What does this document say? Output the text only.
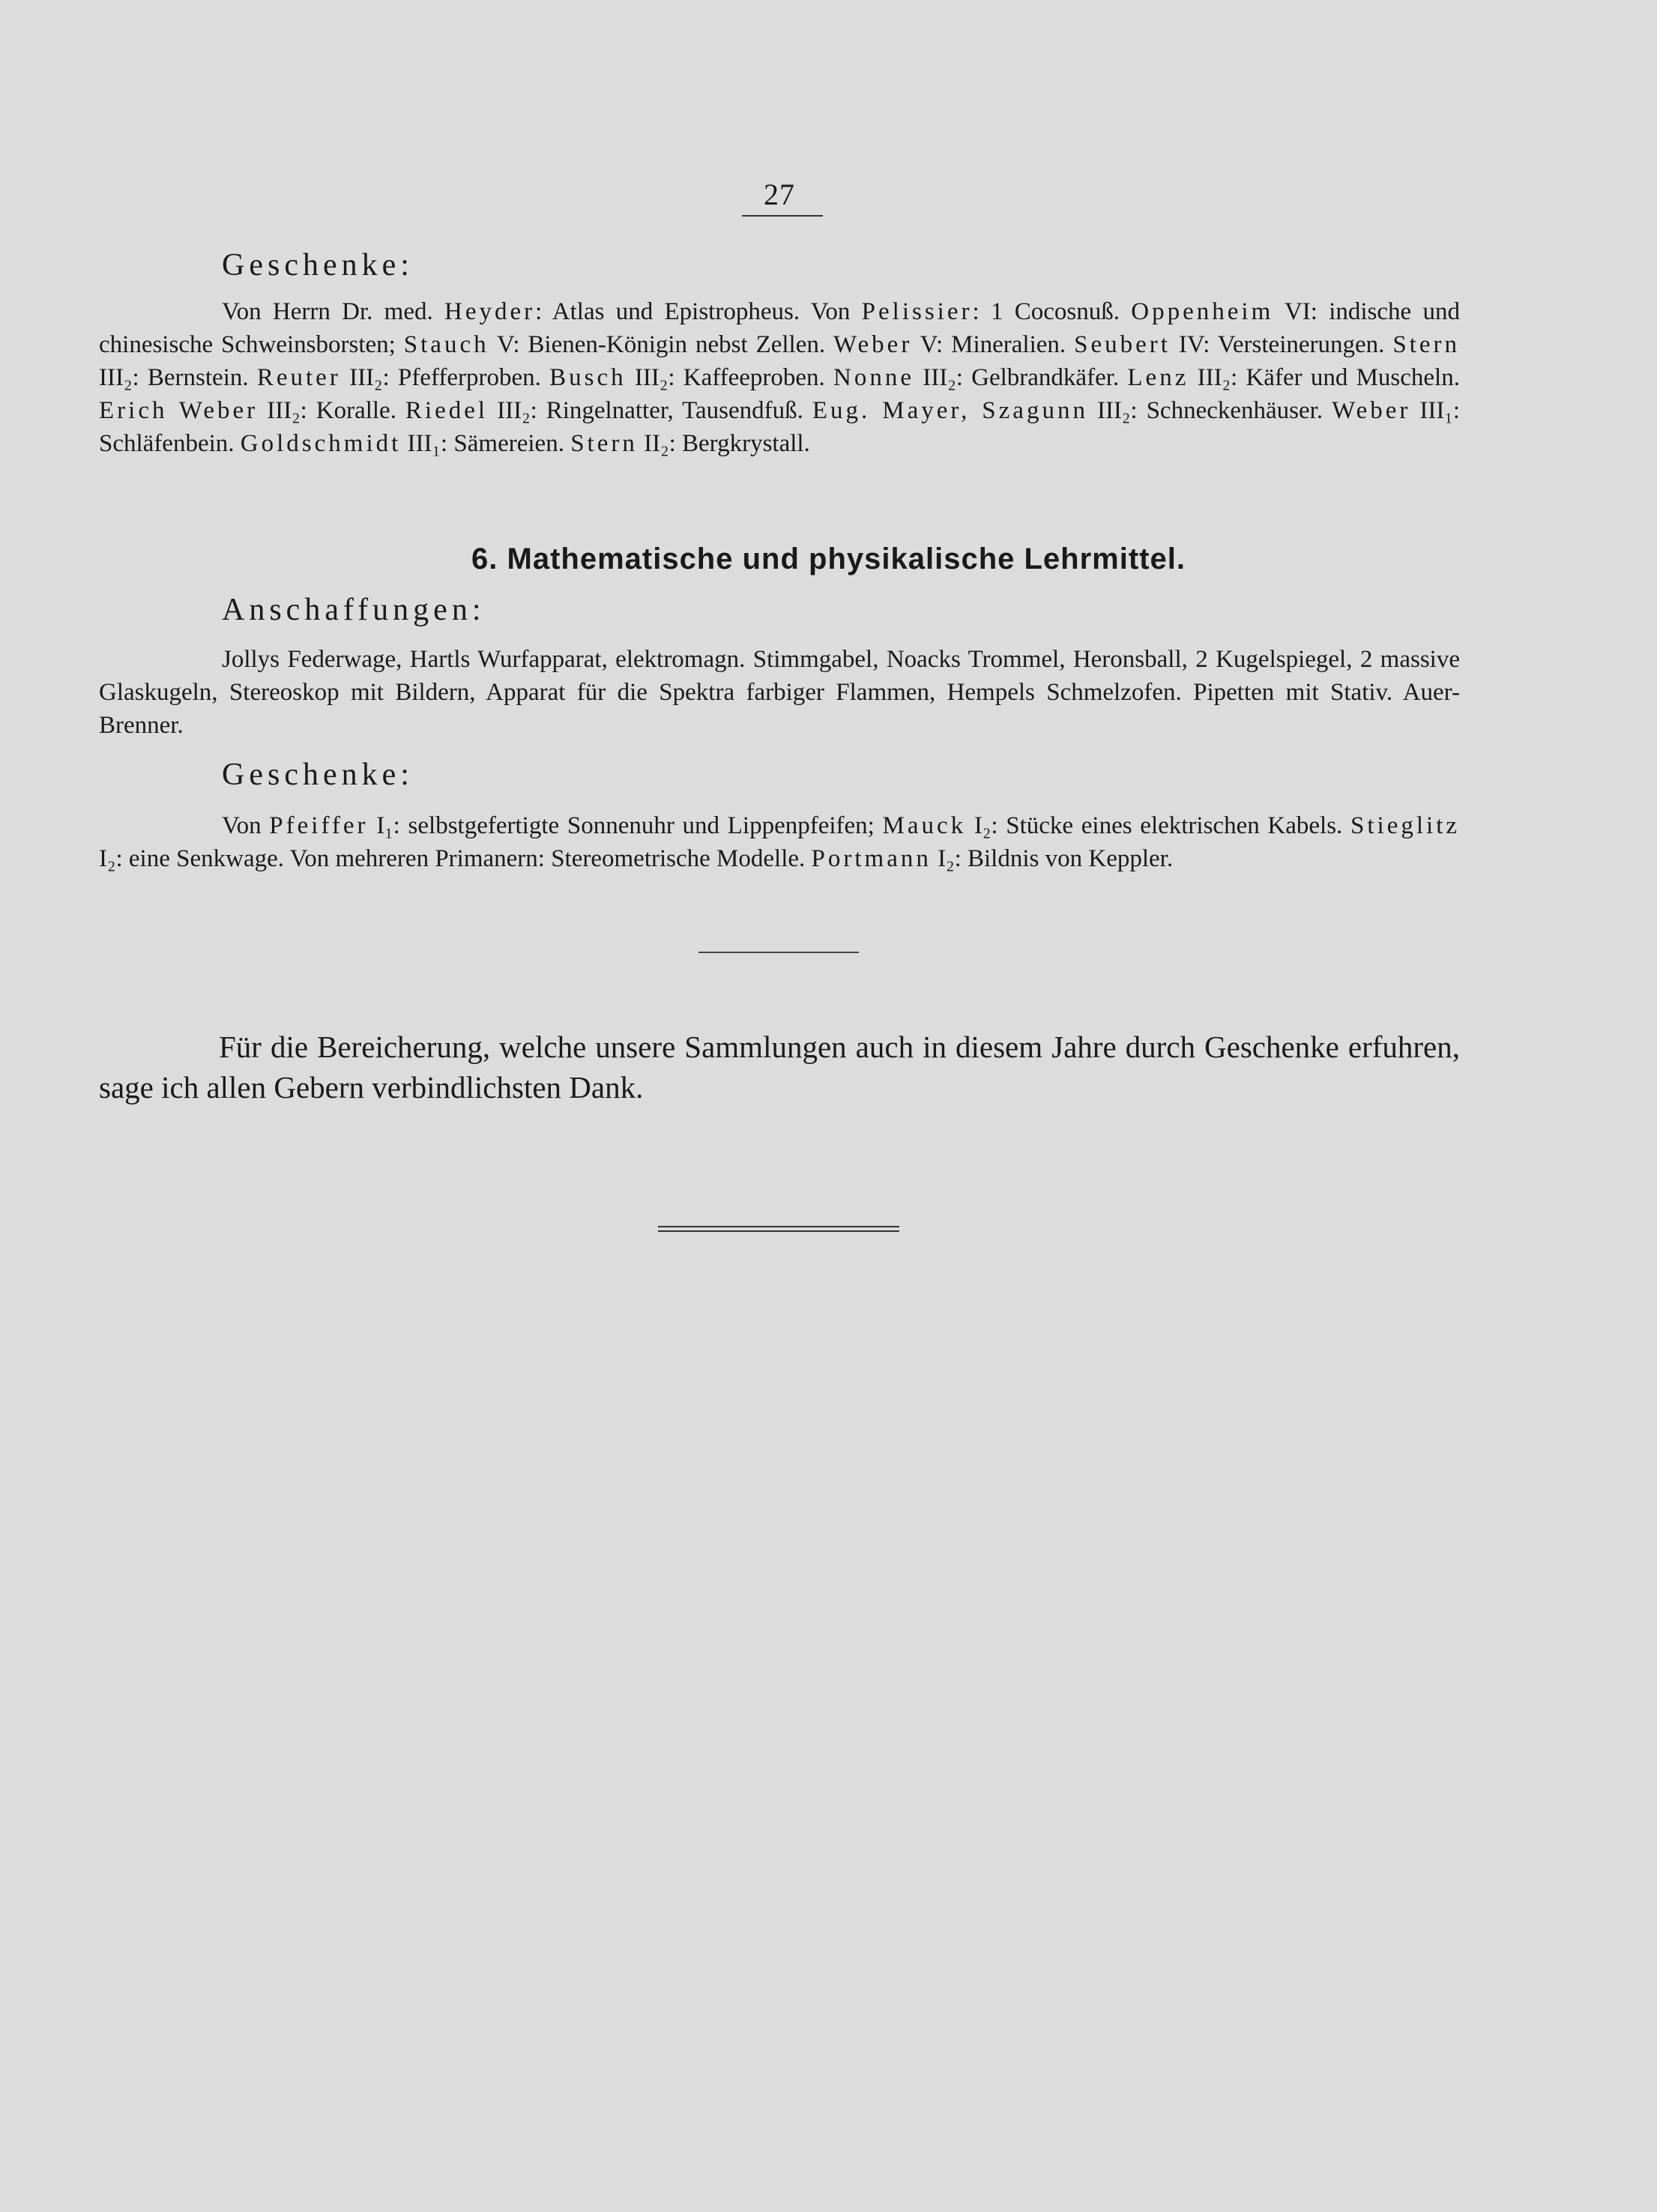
27
Geschenke:
Von Herrn Dr. med. Heyder: Atlas und Epistropheus. Von Pelissier: 1 Cocosnuß. Oppenheim VI: indische und chinesische Schweinsborsten; Stauch V: Bienen-Königin nebst Zellen. Weber V: Mineralien. Seubert IV: Versteinerungen. Stern III₂: Bernstein. Reuter III₂: Pfefferproben. Busch III₂: Kaffeeproben. Nonne III₂: Gelbrandkäfer. Lenz III₂: Käfer und Muscheln. Erich Weber III₂: Koralle. Riedel III₂: Ringelnatter, Tausendfuß. Eug. Mayer, Szagunn III₂: Schneckenhäuser. Weber III₁: Schläfenbein. Goldschmidt III₁: Sämereien. Stern II₂: Bergkrystall.
6. Mathematische und physikalische Lehrmittel.
Anschaffungen:
Jollys Federwage, Hartls Wurfapparat, elektromagn. Stimmgabel, Noacks Trommel, Heronsball, 2 Kugelspiegel, 2 massive Glaskugeln, Stereoskop mit Bildern, Apparat für die Spektra farbiger Flammen, Hempels Schmelzofen. Pipetten mit Stativ. Auer-Brenner.
Geschenke:
Von Pfeiffer I₁: selbstgefertigte Sonnenuhr und Lippenpfeifen; Mauck I₂: Stücke eines elektrischen Kabels. Stieglitz I₂: eine Senkwage. Von mehreren Primanern: Stereometrische Modelle. Portmann I₂: Bildnis von Keppler.
Für die Bereicherung, welche unsere Sammlungen auch in diesem Jahre durch Geschenke erfuhren, sage ich allen Gebern verbindlichsten Dank.
